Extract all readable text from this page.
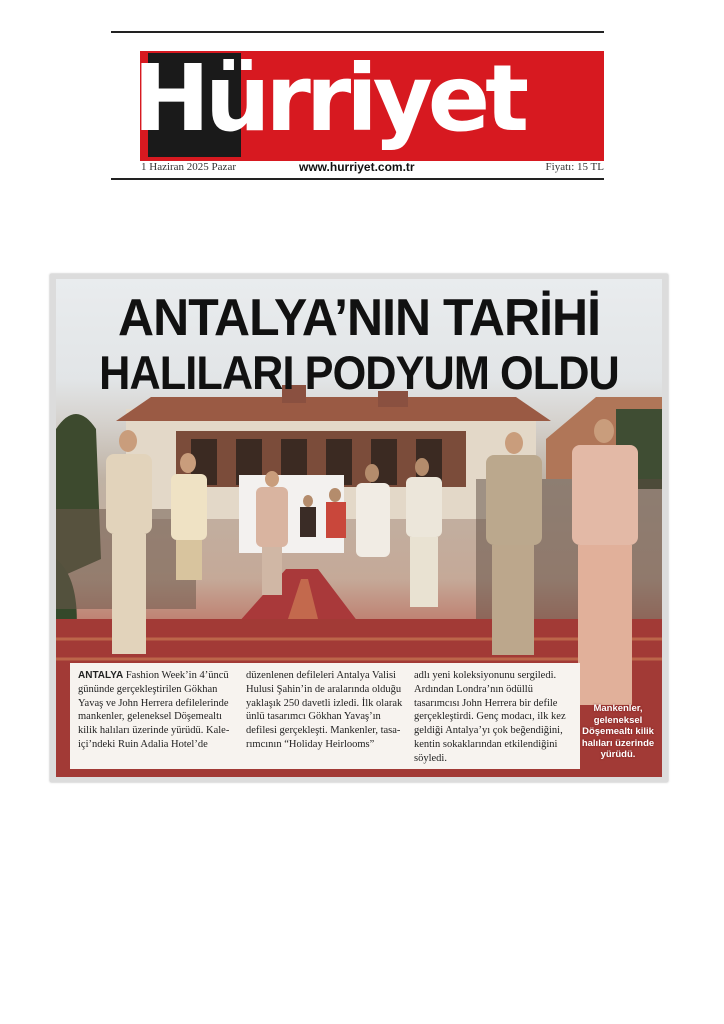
Hürriyet
1 Haziran 2025 Pazar	www.hurriyet.com.tr	Fiyatı: 15 TL
ANTALYA’NIN TARİHİ
HALILARI PODYUM OLDU

ANTALYA Fashion Week’in 4’üncü gününde gerçekleştirilen Gökhan Yavaş ve John Herrera defilelerinde mankenler, geleneksel Döşemealtı kilik halıları üzerinde yürüdü. Kaleiçi’ndeki Ruin Adalia Hotel’de

düzenlenen defileleri Antalya Valisi Hulusi Şahin’in de aralarında olduğu yaklaşık 250 davetli izledi. İlk olarak ünlü tasarımcı Gökhan Yavaş’ın defilesi gerçekleşti. Mankenler, tasarımcının “Holiday Heirlooms”

adlı yeni koleksiyonunu sergiledi. Ardından Londra’nın ödüllü tasarımcısı John Herrera bir defile gerçekleştirdi. Genç modacı, ilk kez geldiği Antalya’yı çok beğendiğini, kentin sokaklarından etkilendiğini söyledi.

Mankenler, geleneksel Döşemealtı kilik halıları üzerinde yürüdü.
